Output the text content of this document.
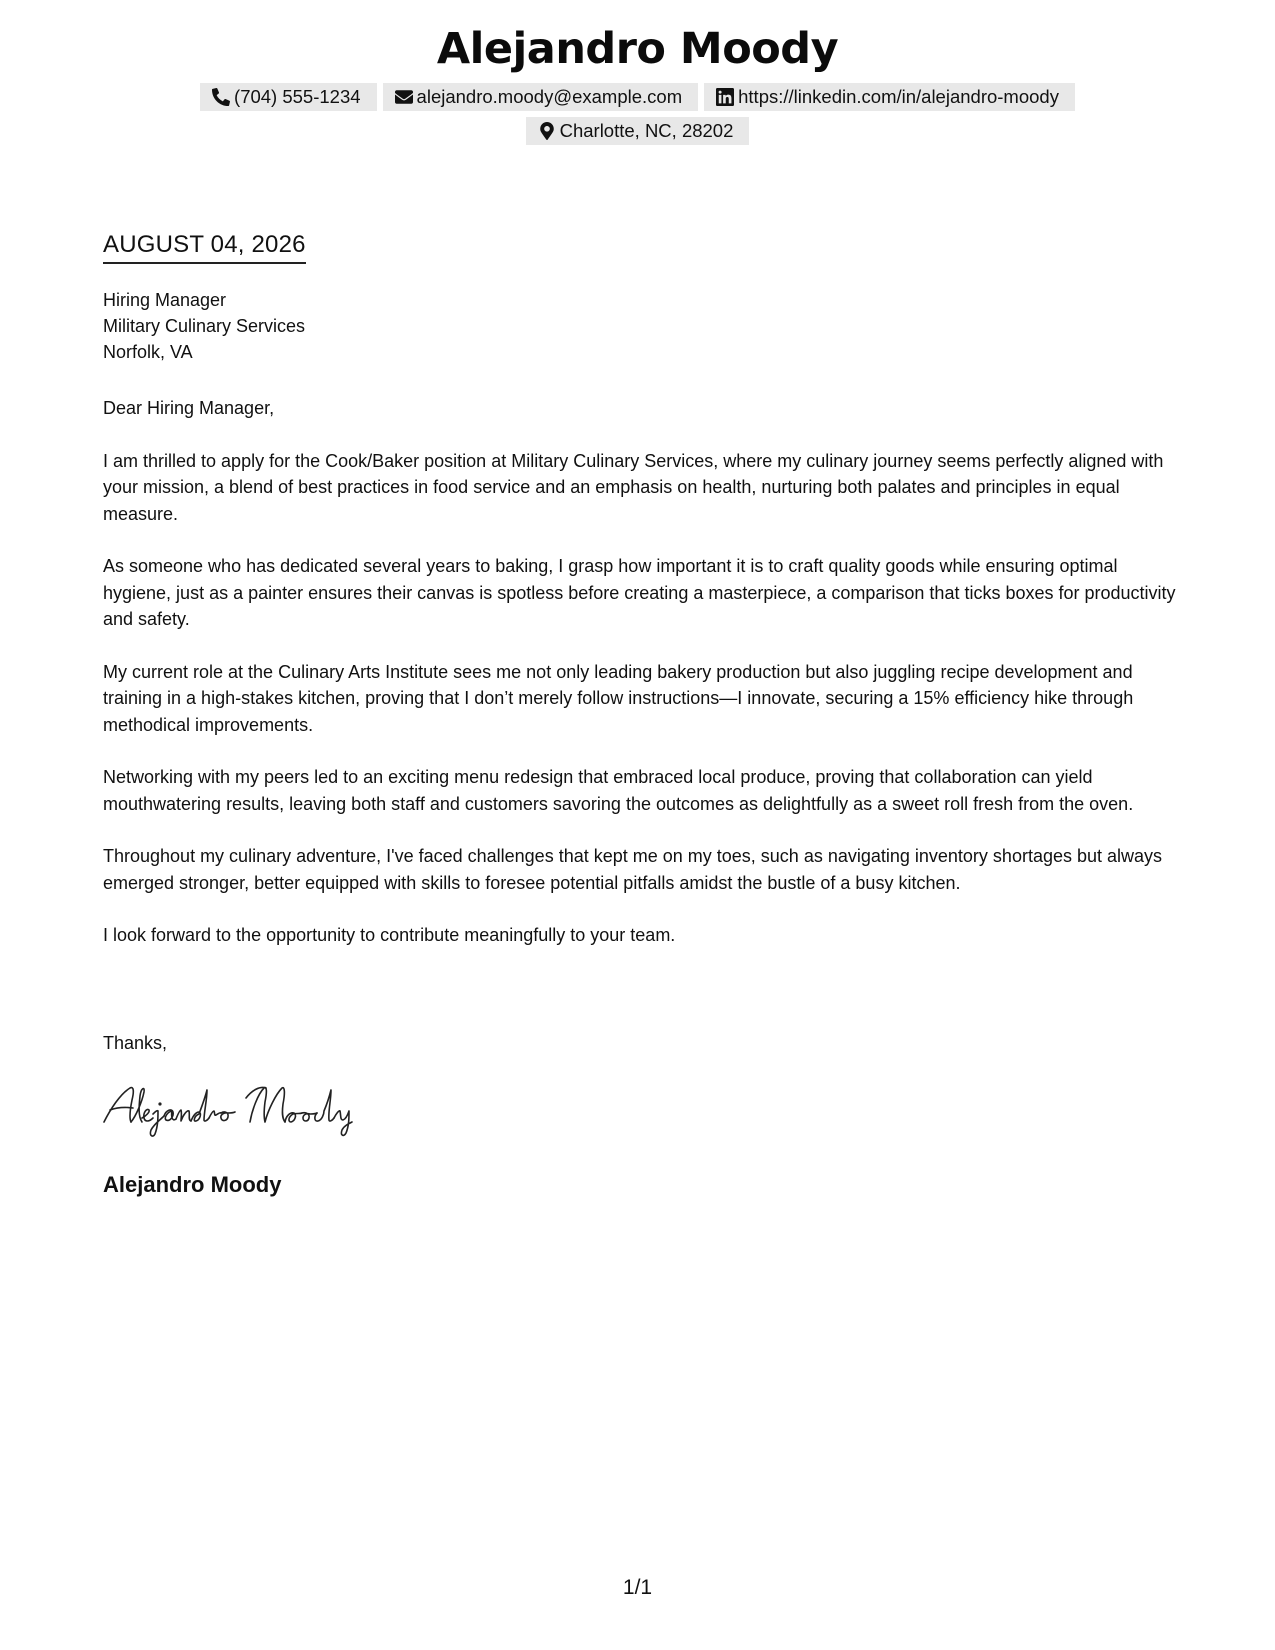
Alejandro Moody
(704) 555-1234	alejandro.moody@example.com	https://linkedin.com/in/alejandro-moody
Charlotte, NC, 28202
AUGUST 04, 2026
Hiring Manager
Military Culinary Services
Norfolk, VA

Dear Hiring Manager,

I am thrilled to apply for the Cook/Baker position at Military Culinary Services, where my culinary journey seems perfectly aligned with your mission, a blend of best practices in food service and an emphasis on health, nurturing both palates and principles in equal measure.

As someone who has dedicated several years to baking, I grasp how important it is to craft quality goods while ensuring optimal hygiene, just as a painter ensures their canvas is spotless before creating a masterpiece, a comparison that ticks boxes for productivity and safety.

My current role at the Culinary Arts Institute sees me not only leading bakery production but also juggling recipe development and training in a high-stakes kitchen, proving that I don’t merely follow instructions—I innovate, securing a 15% efficiency hike through methodical improvements.

Networking with my peers led to an exciting menu redesign that embraced local produce, proving that collaboration can yield mouthwatering results, leaving both staff and customers savoring the outcomes as delightfully as a sweet roll fresh from the oven.

Throughout my culinary adventure, I've faced challenges that kept me on my toes, such as navigating inventory shortages but always emerged stronger, better equipped with skills to foresee potential pitfalls amidst the bustle of a busy kitchen.

I look forward to the opportunity to contribute meaningfully to your team.

Thanks,
Alejandro Moody
1/1
